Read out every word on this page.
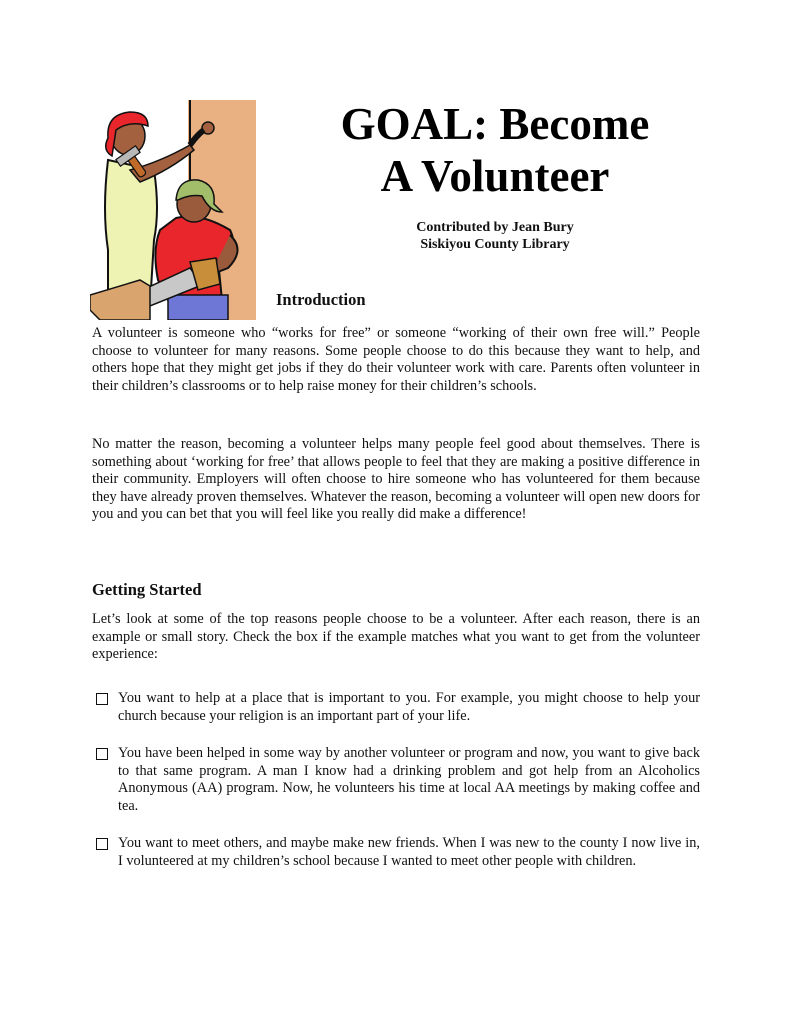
GOAL: Become
A Volunteer

Contributed by Jean Bury
Siskiyou County Library

Introduction

A volunteer is someone who “works for free” or someone “working of their own free will.” People choose to volunteer for many reasons. Some people choose to do this because they want to help, and others hope that they might get jobs if they do their volunteer work with care. Parents often volunteer in their children’s classrooms or to help raise money for their children’s schools.

No matter the reason, becoming a volunteer helps many people feel good about themselves. There is something about ‘working for free’ that allows people to feel that they are making a positive difference in their community. Employers will often choose to hire someone who has volunteered for them because they have already proven themselves. Whatever the reason, becoming a volunteer will open new doors for you and you can bet that you will feel like you really did make a difference!

Getting Started

Let’s look at some of the top reasons people choose to be a volunteer. After each reason, there is an example or small story. Check the box if the example matches what you want to get from the volunteer experience:

You want to help at a place that is important to you. For example, you might choose to help your church because your religion is an important part of your life.
You have been helped in some way by another volunteer or program and now, you want to give back to that same program. A man I know had a drinking problem and got help from an Alcoholics Anonymous (AA) program. Now, he volunteers his time at local AA meetings by making coffee and tea.
You want to meet others, and maybe make new friends. When I was new to the county I now live in, I volunteered at my children’s school because I wanted to meet other people with children.
